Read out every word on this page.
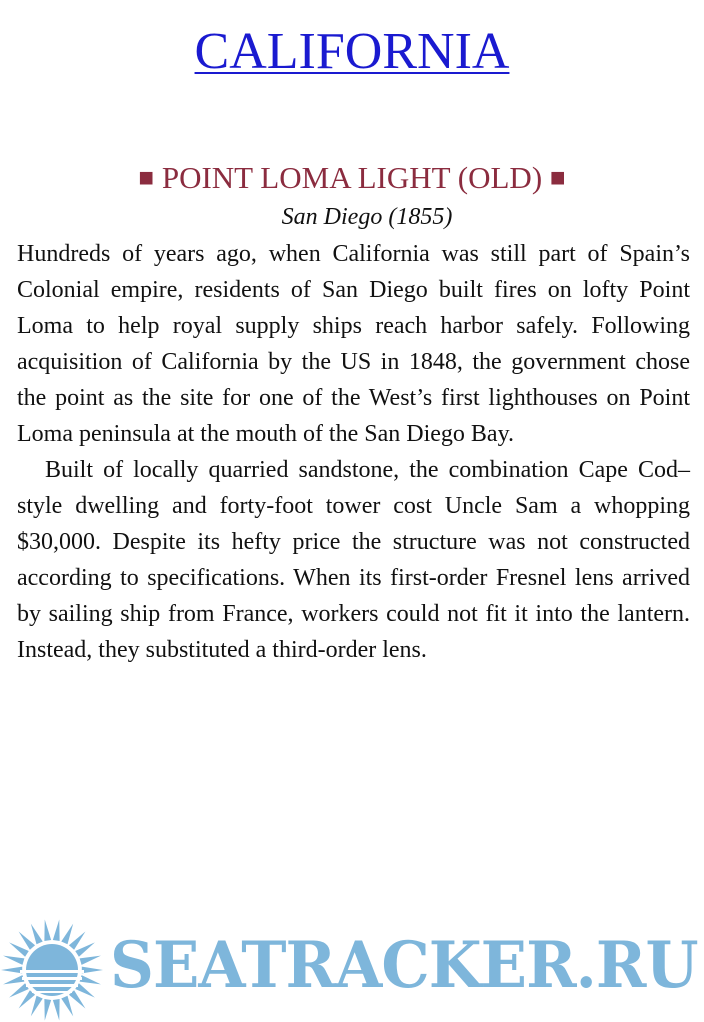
CALIFORNIA
■ POINT LOMA LIGHT (OLD) ■

San Diego (1855)

Hundreds of years ago, when California was still part of Spain’s Colonial empire, residents of San Diego built fires on lofty Point Loma to help royal supply ships reach harbor safely. Following acquisition of California by the US in 1848, the government chose the point as the site for one of the West’s first lighthouses on Point Loma peninsula at the mouth of the San Diego Bay.

Built of locally quarried sandstone, the combination Cape Cod–style dwelling and forty-foot tower cost Uncle Sam a whopping $30,000. Despite its hefty price the structure was not constructed according to specifications. When its first-order Fresnel lens arrived by sailing ship from France, workers could not fit it into the lantern. Instead, they substituted a third-order lens.

SEATRACKER.RU
